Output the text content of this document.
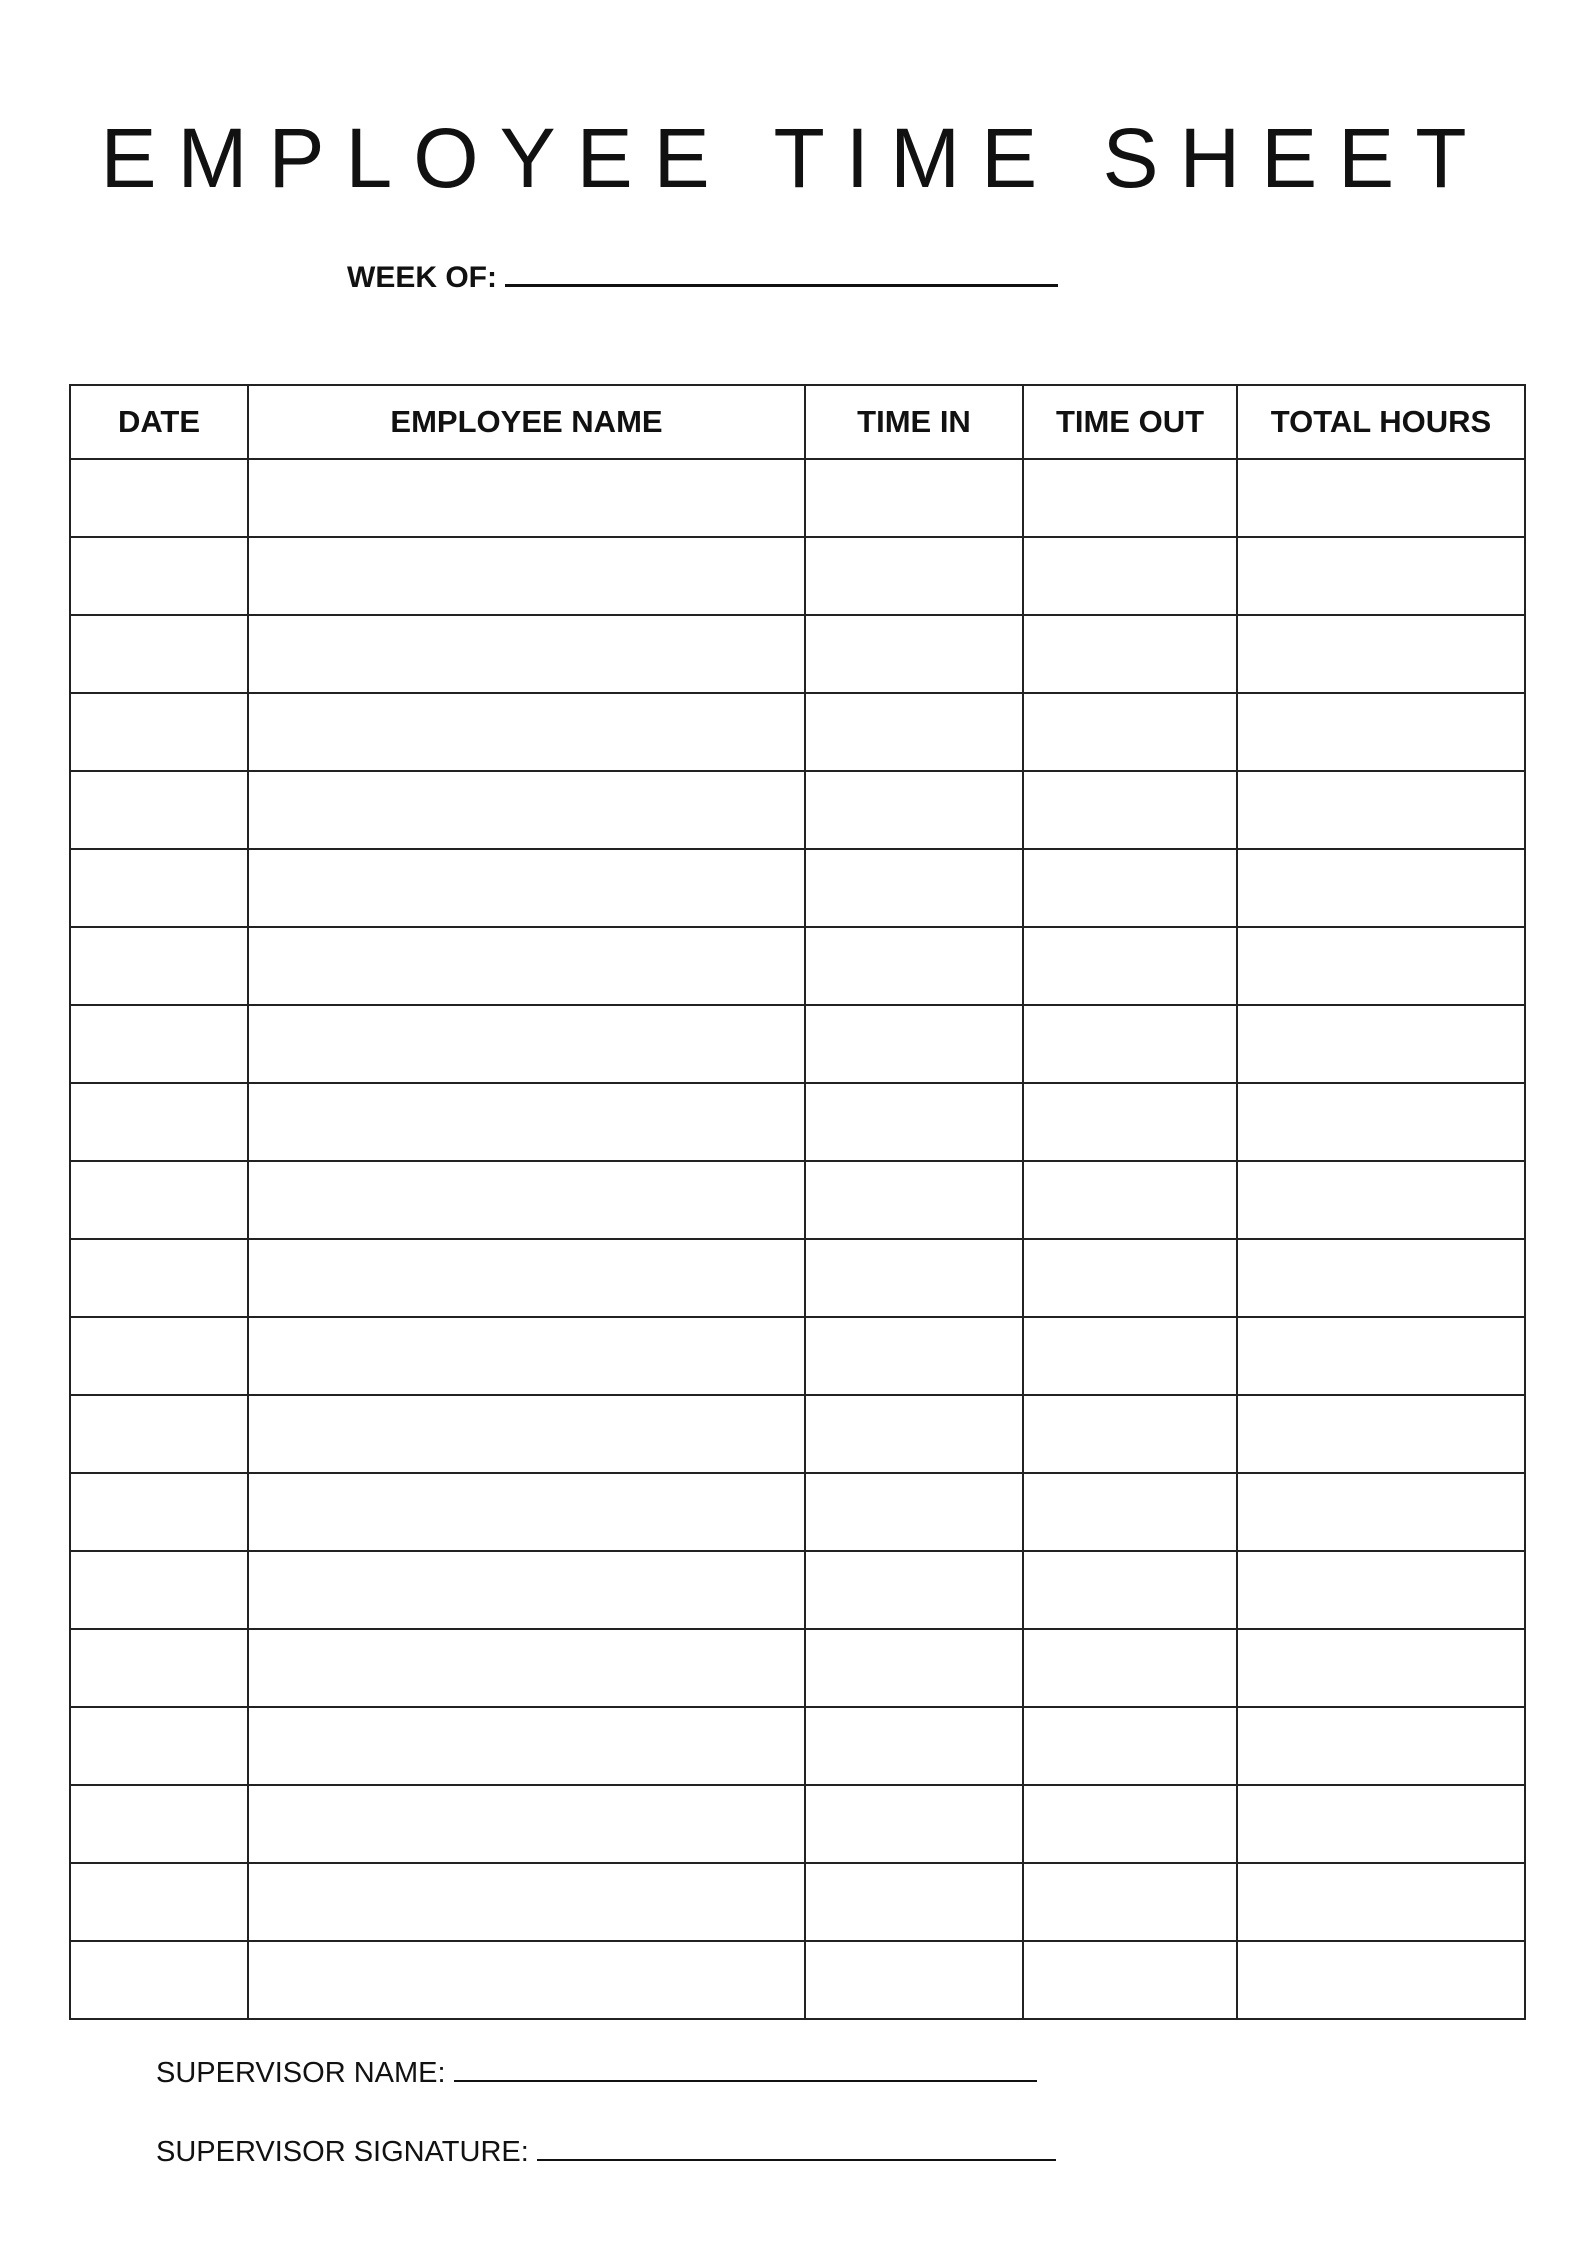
EMPLOYEE TIME SHEET
WEEK OF:
DATE	EMPLOYEE NAME	TIME IN	TIME OUT	TOTAL HOURS

SUPERVISOR NAME:
SUPERVISOR SIGNATURE:
